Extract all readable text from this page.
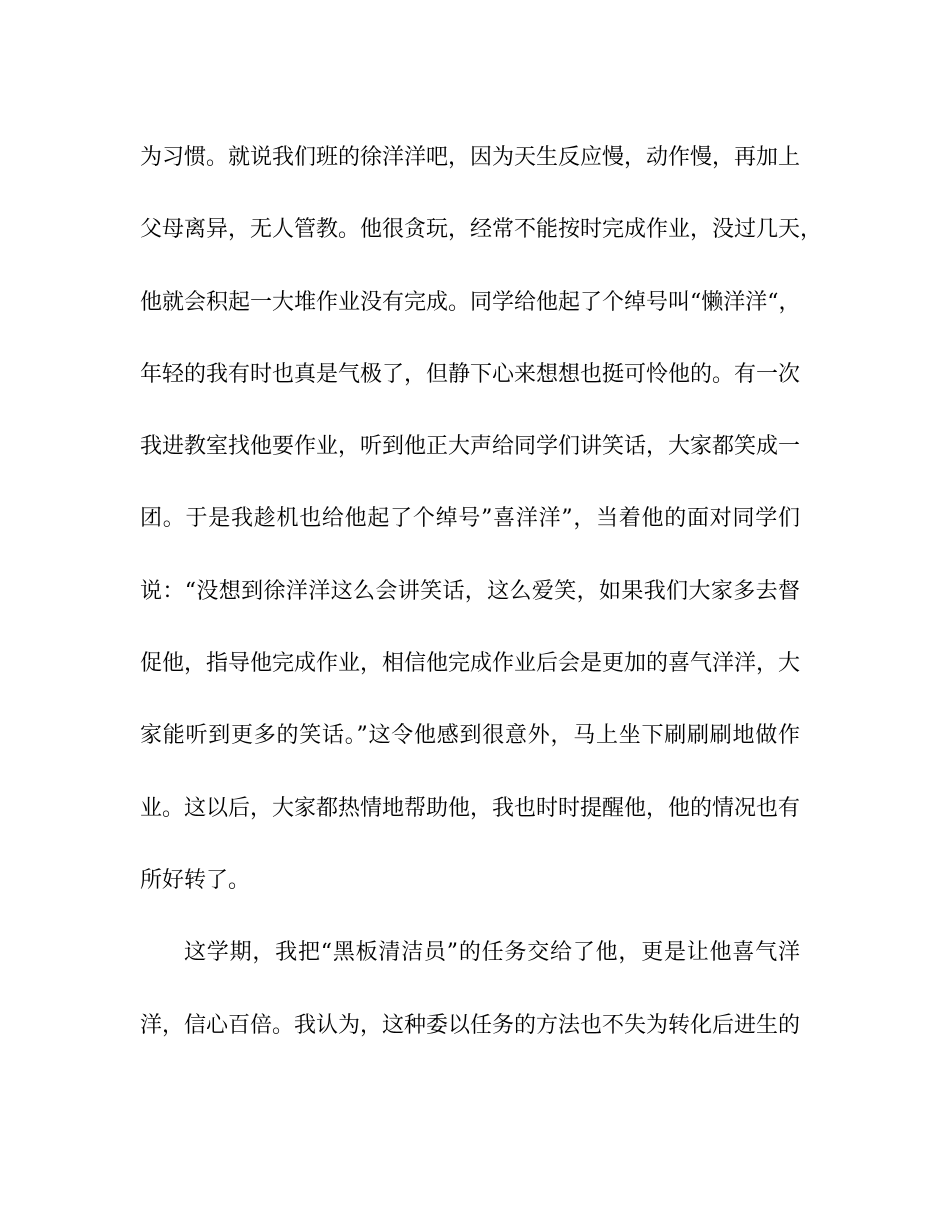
为习惯。就说我们班的徐洋洋吧，因为天生反应慢，动作慢，再加上
父母离异，无人管教。他很贪玩，经常不能按时完成作业，没过几天，
他就会积起一大堆作业没有完成。同学给他起了个绰号叫“懒洋洋“，
年轻的我有时也真是气极了，但静下心来想想也挺可怜他的。有一次
我进教室找他要作业，听到他正大声给同学们讲笑话，大家都笑成一
团。于是我趁机也给他起了个绰号”喜洋洋”，当着他的面对同学们
说：“没想到徐洋洋这么会讲笑话，这么爱笑，如果我们大家多去督
促他，指导他完成作业，相信他完成作业后会是更加的喜气洋洋，大
家能听到更多的笑话。”这令他感到很意外，马上坐下刷刷刷地做作
业。这以后，大家都热情地帮助他，我也时时提醒他，他的情况也有
所好转了。
这学期，我把“黑板清洁员”的任务交给了他，更是让他喜气洋
洋，信心百倍。我认为，这种委以任务的方法也不失为转化后进生的
